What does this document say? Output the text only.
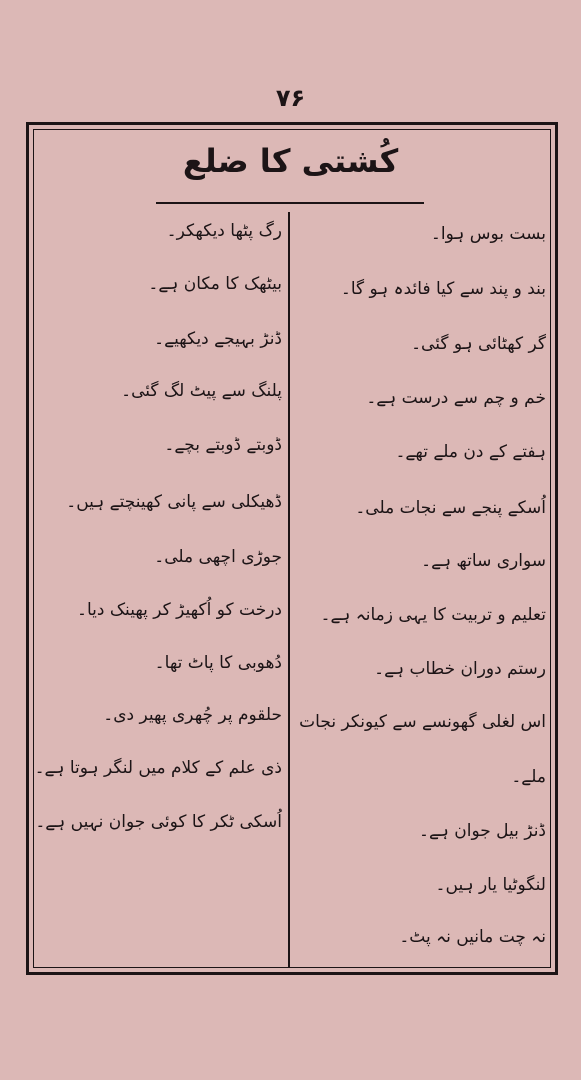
۷۶
کُشتی کا ضلع
بست بوس ہوا۔
بند و پند سے کیا فائدہ ہو گا۔
گر کھٹائی ہو گئی۔
خم و چم سے درست ہے۔
ہفتے کے دن ملے تھے۔
اُسکے پنجے سے نجات ملی۔
سواری ساتھ ہے۔
تعلیم و تربیت کا یہی زمانہ ہے۔
رستم دوران خطاب ہے۔
اس لغلی گھونسے سے کیونکر نجات
ملے۔
ڈنڑ بیل جوان ہے۔
لنگوٹیا یار ہیں۔
نہ چت مانیں نہ پٹ۔
رگ پٹھا دیکھکر۔
بیٹھک کا مکان ہے۔
ڈنڑ بہیجے دیکھیے۔
پلنگ سے پیٹ لگ گئی۔
ڈوبتے ڈوبتے بچے۔
ڈھیکلی سے پانی کھینچتے ہیں۔
جوڑی اچھی ملی۔
درخت کو اُکھیڑ کر پھینک دیا۔
دُھوبی کا پاٹ تھا۔
حلقوم پر چُھری پھیر دی۔
ذی علم کے کلام میں لنگر ہوتا ہے۔
اُسکی ٹکر کا کوئی جوان نہیں ہے۔
